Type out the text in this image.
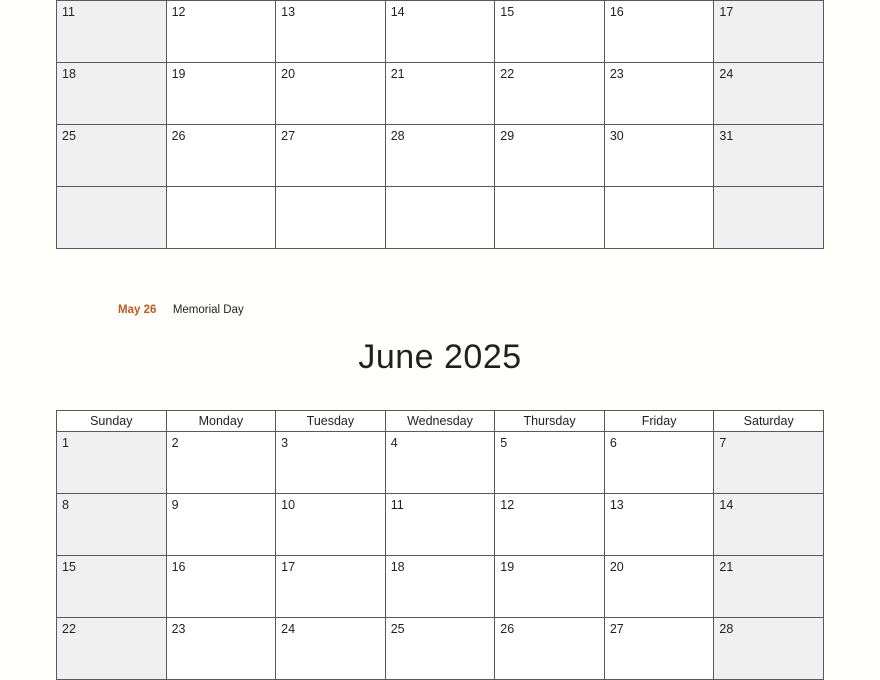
11	12	13	14	15	16	17

18	19	20	21	22	23	24

25	26	27	28	29	30	31

May 26 Memorial Day
June 2025
Sunday	Monday	Tuesday	Wednesday	Thursday	Friday	Saturday

1	2	3	4	5	6	7

8	9	10	11	12	13	14

15	16	17	18	19	20	21

22	23	24	25	26	27	28
